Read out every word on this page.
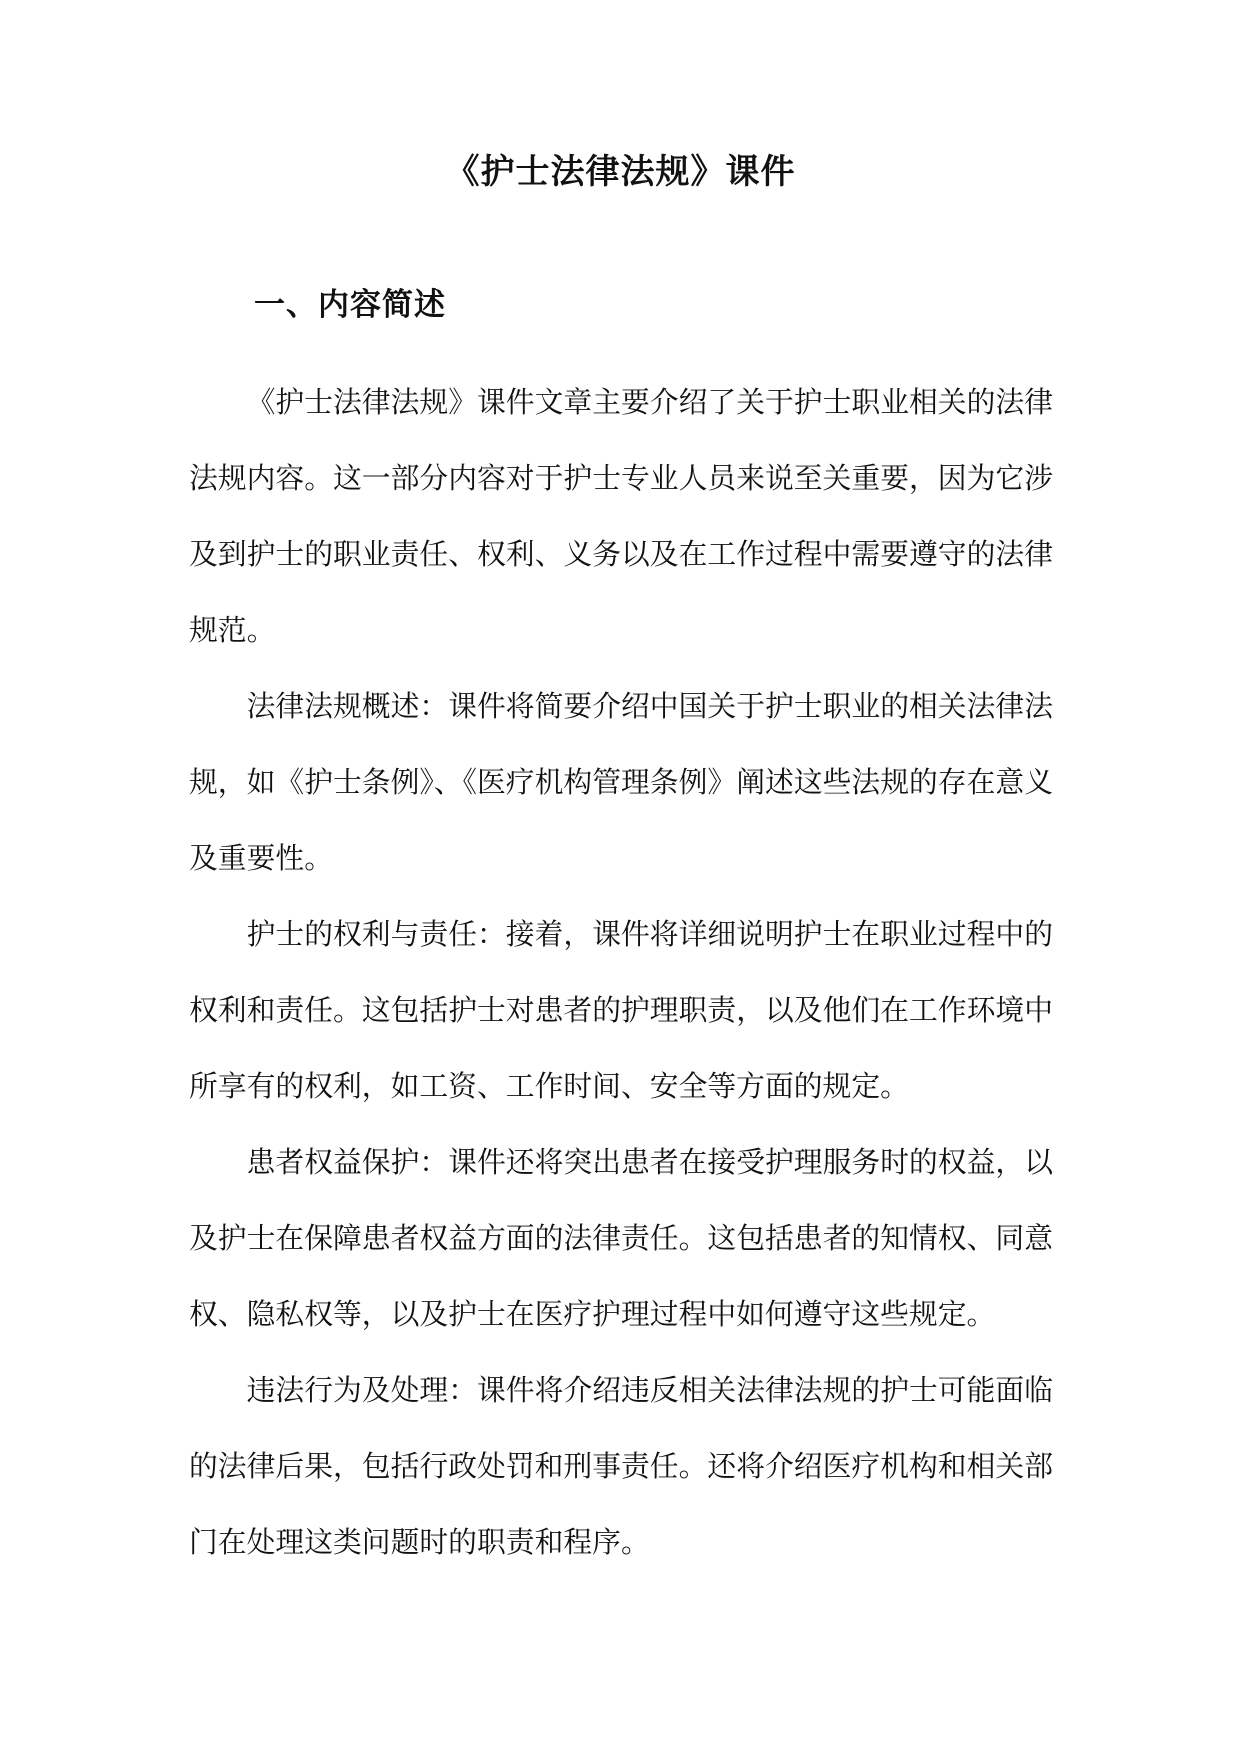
《护士法律法规》课件
一、内容简述

《护士法律法规》课件文章主要介绍了关于护士职业相关的法律法规内容。这一部分内容对于护士专业人员来说至关重要，因为它涉及到护士的职业责任、权利、义务以及在工作过程中需要遵守的法律规范。

法律法规概述：课件将简要介绍中国关于护士职业的相关法律法规，如《护士条例》、《医疗机构管理条例》阐述这些法规的存在意义及重要性。

护士的权利与责任：接着，课件将详细说明护士在职业过程中的权利和责任。这包括护士对患者的护理职责，以及他们在工作环境中所享有的权利，如工资、工作时间、安全等方面的规定。

患者权益保护：课件还将突出患者在接受护理服务时的权益，以及护士在保障患者权益方面的法律责任。这包括患者的知情权、同意权、隐私权等，以及护士在医疗护理过程中如何遵守这些规定。

违法行为及处理：课件将介绍违反相关法律法规的护士可能面临的法律后果，包括行政处罚和刑事责任。还将介绍医疗机构和相关部门在处理这类问题时的职责和程序。
